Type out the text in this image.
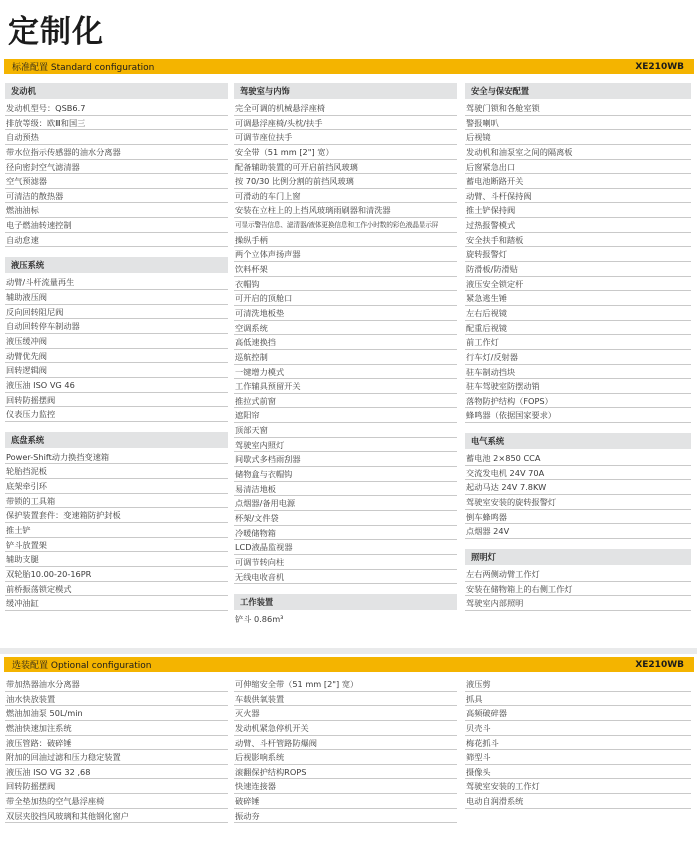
定制化
标准配置 Standard configuration	XE210WB
发动机
发动机型号：QSB6.7
排放等级：欧Ⅲ和国三
自动预热
带水位指示传感器的油水分离器
径向密封空气滤清器
空气预滤器
可清洁的散热器
燃油油标
电子燃油转速控制
自动怠速
液压系统
动臂/斗杆流量再生
辅助液压阀
反向回转阻尼阀
自动回转停车制动器
液压缓冲阀
动臂优先阀
回转逻辑阀
液压油 ISO VG 46
回转防摇摆阀
仪表压力监控
底盘系统
Power-Shift动力换挡变速箱
轮胎挡泥板
底架牵引环
带锁的工具箱
保护装置套件：变速箱防护封板
推土铲
铲斗放置架
辅助支腿
双轮胎10.00-20-16PR
前桥振荡锁定模式
缓冲油缸
驾驶室与内饰
完全可调的机械悬浮座椅
可调悬浮座椅/头枕/扶手
可调节座位扶手
安全带（51 mm [2"] 宽）
配备辅助装置的可开启前挡风玻璃
按 70/30 比例分割的前挡风玻璃
可滑动的车门上窗
安装在立柱上的上挡风玻璃雨刷器和清洗器
可显示警告信息、滤清器/液体更换信息和工作小时数的彩色液晶显示屏
操纵手柄
两个立体声扬声器
饮料杯架
衣帽钩
可开启的顶舱口
可清洗地板垫
空调系统
高低速换挡
巡航控制
一键增力模式
工作辅具预留开关
推拉式前窗
遮阳帘
顶部天窗
驾驶室内照灯
间歇式多档雨刮器
储物盒与衣帽钩
易清洁地板
点烟器/备用电源
杯架/文件袋
冷暖储物箱
LCD液晶监视器
可调节转向柱
无线电收音机
工作装置
铲斗 0.86m³
安全与保安配置
驾驶门锁和各舱室锁
警报喇叭
后视镜
发动机和油泵室之间的隔离板
后窗紧急出口
蓄电池断路开关
动臂、斗杆保持阀
推土铲保持阀
过热报警模式
安全扶手和踏板
旋转报警灯
防滑板/防滑贴
液压安全锁定杆
紧急逃生锤
左右后视镜
配重后视镜
前工作灯
行车灯/反射器
驻车制动挡块
驻车驾驶室防摆动销
落物防护结构（FOPS）
蜂鸣器（依据国家要求）
电气系统
蓄电池 2×850 CCA
交流发电机 24V 70A
起动马达 24V 7.8KW
驾驶室安装的旋转报警灯
倒车蜂鸣器
点烟器 24V
照明灯
左右两侧动臂工作灯
安装在储物箱上的右侧工作灯
驾驶室内部照明
选装配置 Optional configuration	XE210WB
带加热器油水分离器
油水快放装置
燃油加油泵 50L/min
燃油快速加注系统
液压管路：破碎锤
附加的回油过滤和压力稳定装置
液压油 ISO VG 32 ,68
回转防摇摆阀
带全垫加热的空气悬浮座椅
双层夹胶挡风玻璃和其他钢化窗户
可伸缩安全带（51 mm [2"] 宽）
车载供氧装置
灭火器
发动机紧急停机开关
动臂、斗杆管路防爆阀
后视影响系统
滚翻保护结构ROPS
快速连接器
破碎锤
振动夯
液压剪
抓具
高频破碎器
贝壳斗
梅花抓斗
筛型斗
摄像头
驾驶室安装的工作灯
电动自润滑系统
